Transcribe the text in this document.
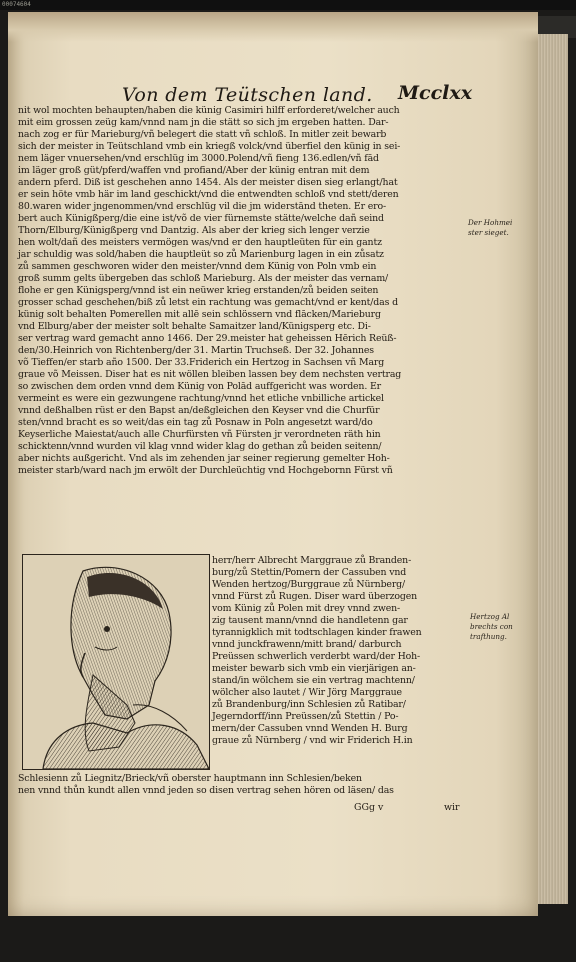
00074604
Von dem Teütschen land. Mcclxx
nit wol mochten behaupten/haben die künig Casimiri hilff erforderet/welcher auch
mit eim grossen zeüg kam/vnnd nam jn die stätt so sich jm ergeben hatten. Dar-
nach zog er für Marieburg/vñ belegert die statt vñ schloß. In mitler zeit bewarb
sich der meister in Teütschland vmb ein kriegß volck/vnd überfiel den künig in sei-
nem läger vnuersehen/vnd erschlüg im 3000.Polend/vñ fieng 136.edlen/vñ fād
im läger groß güt/pferd/waffen vnd profiand/Aber der künig entran mit dem
andern pferd. Diß ist geschehen anno 1454. Als der meister disen sieg erlangt/hat
er sein höte vmb här im land geschickt/vnd die entwendten schloß vnd stett/deren
80.waren wider jngenommen/vnd erschlüg vil die jm widerstānd theten. Er ero-
bert auch Künigßperg/die eine ist/võ de vier fürnemste stätte/welche dañ seind
Thorn/Elburg/Künigßperg vnd Dantzig. Als aber der krieg sich lenger verzie
hen wolt/dañ des meisters vermögen was/vnd er den hauptleüten für ein gantz
jar schuldig was sold/haben die hauptleüt so zů Marienburg lagen in ein zůsatz
zů sammen geschworen wider den meister/vnnd dem Künig von Poln vmb ein
groß summ gelts übergeben das schloß Marieburg. Als der meister das vernam/
flohe er gen Künigsperg/vnnd ist ein neüwer krieg erstanden/zů beiden seiten
grosser schad geschehen/biß zů letst ein rachtung was gemacht/vnd er kent/das d
künig solt behalten Pomerellen mit allē sein schlössern vnd flācken/Marieburg
vnd Elburg/aber der meister solt behalte Samaitzer land/Künigsperg etc. Di-
ser vertrag ward gemacht anno 1466. Der 29.meister hat geheissen Hērich Reüß-
den/30.Heinrich von Richtenberg/der 31. Martin Truchseß. Der 32. Johannes
võ Tieffen/er starb año 1500. Der 33.Friderich ein Hertzog in Sachsen vñ Marg
graue võ Meissen. Diser hat es nit wöllen bleiben lassen bey dem nechsten vertrag
so zwischen dem orden vnnd dem Künig von Polād auffgericht was worden. Er
vermeint es were ein gezwungene rachtung/vnnd het etliche vnbilliche artickel
vnnd deßhalben rüst er den Bapst an/deßgleichen den Keyser vnd die Churfür
sten/vnnd bracht es so weit/das ein tag zů Posnaw in Poln angesetzt ward/do
Keyserliche Maiestat/auch alle Churfürsten vñ Fürsten jr verordneten räth hin
schicktenn/vnnd wurden vil klag vnnd wider klag do gethan zů beiden seitenn/
aber nichts außgericht. Vnd als im zehenden jar seiner regierung gemelter Hoh-
meister starb/ward nach jm erwölt der Durchleüchtig vnd Hochgebornn Fürst vñ
herr/herr Albrecht Marggraue zů Branden-
burg/zů Stettin/Pomern der Cassuben vnd
Wenden hertzog/Burggraue zů Nürnberg/
vnnd Fürst zů Rugen. Diser ward überzogen
vom Künig zů Polen mit drey vnnd zwen-
zig tausent mann/vnnd die handletenn gar
tyrannigklich mit todtschlagen kinder frawen
vnnd junckfrawenn/mitt brand/ darburch
Preüssen schwerlich verderbt ward/der Hoh-
meister bewarb sich vmb ein vierjärigen an-
stand/in wölchem sie ein vertrag machtenn/
wölcher also lautet / Wir Jörg Marggraue
zů Brandenburg/inn Schlesien zů Ratibar/
Jegerndorff/inn Preüssen/zů Stettin / Po-
mern/der Cassuben vnnd Wenden H. Burg
graue zů Nürnberg / vnd wir Friderich H.in
Schlesienn zů Liegnitz/Brieck/vñ oberster hauptmann inn Schlesien/beken
nen vnnd thůn kundt allen vnnd jeden so disen vertrag sehen hören od läsen/ das
GGg v	wir
Der Hohmei
ster sieget.
Hertzog Al
brechts con
trafthung.
